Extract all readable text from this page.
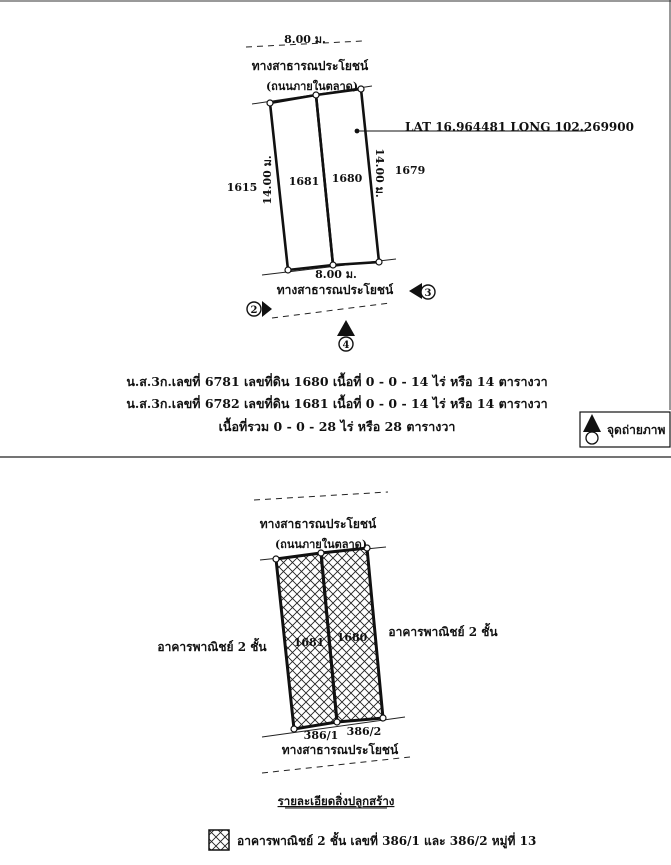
8.00 ม.
ทางสาธารณประโยชน์
(ถนนภายในตลาด)
1681 1680
1615
1679
14.00 ม.	14.00 ม.
LAT 16.964481 LONG 102.269900
8.00 ม.
ทางสาธารณประโยชน์
2
3
4
น.ส.3ก.เลขที่ 6781 เลขที่ดิน 1680 เนื้อที่ 0 - 0 - 14 ไร่ หรือ 14 ตารางวา
น.ส.3ก.เลขที่ 6782 เลขที่ดิน 1681 เนื้อที่ 0 - 0 - 14 ไร่ หรือ 14 ตารางวา
เนื้อที่รวม 0 - 0 - 28 ไร่ หรือ 28 ตารางวา	จุดถ่ายภาพ
ทางสาธารณประโยชน์
(ถนนภายในตลาด)
1681 1680
อาคารพาณิชย์ 2 ชั้น
อาคารพาณิชย์ 2 ชั้น
386/1 386/2
ทางสาธารณประโยชน์
รายละเอียดสิ่งปลูกสร้าง
อาคารพาณิชย์ 2 ชั้น เลขที่ 386/1 และ 386/2 หมู่ที่ 13
